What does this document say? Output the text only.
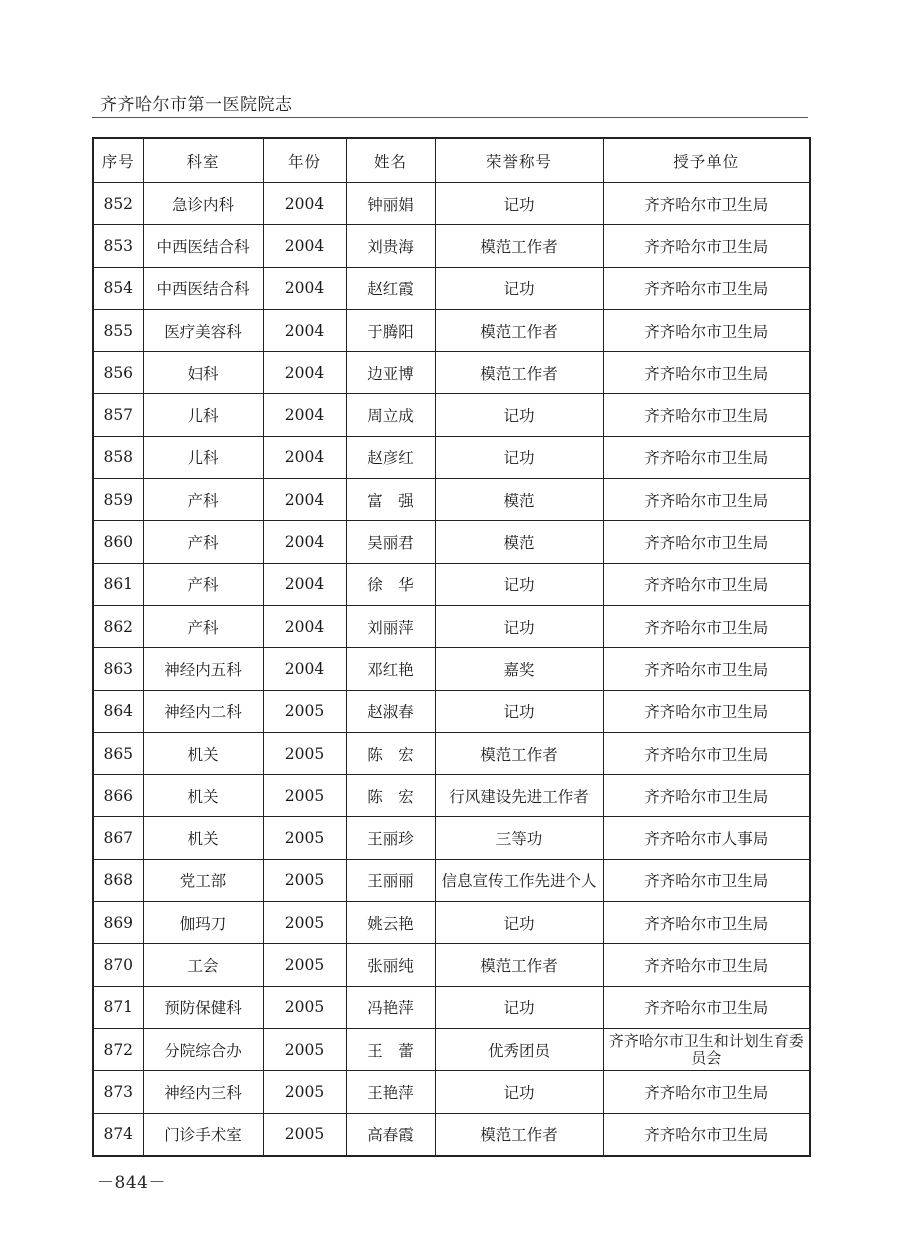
齐齐哈尔市第一医院院志
序号	科室	年份	姓名	荣誉称号	授予单位
852	急诊内科	2004	钟丽娟	记功	齐齐哈尔市卫生局
853	中西医结合科	2004	刘贵海	模范工作者	齐齐哈尔市卫生局
854	中西医结合科	2004	赵红霞	记功	齐齐哈尔市卫生局
855	医疗美容科	2004	于腾阳	模范工作者	齐齐哈尔市卫生局
856	妇科	2004	边亚博	模范工作者	齐齐哈尔市卫生局
857	儿科	2004	周立成	记功	齐齐哈尔市卫生局
858	儿科	2004	赵彦红	记功	齐齐哈尔市卫生局
859	产科	2004	富　强	模范	齐齐哈尔市卫生局
860	产科	2004	吴丽君	模范	齐齐哈尔市卫生局
861	产科	2004	徐　华	记功	齐齐哈尔市卫生局
862	产科	2004	刘丽萍	记功	齐齐哈尔市卫生局
863	神经内五科	2004	邓红艳	嘉奖	齐齐哈尔市卫生局
864	神经内二科	2005	赵淑春	记功	齐齐哈尔市卫生局
865	机关	2005	陈　宏	模范工作者	齐齐哈尔市卫生局
866	机关	2005	陈　宏	行风建设先进工作者	齐齐哈尔市卫生局
867	机关	2005	王丽珍	三等功	齐齐哈尔市人事局
868	党工部	2005	王丽丽	信息宣传工作先进个人	齐齐哈尔市卫生局
869	伽玛刀	2005	姚云艳	记功	齐齐哈尔市卫生局
870	工会	2005	张丽纯	模范工作者	齐齐哈尔市卫生局
871	预防保健科	2005	冯艳萍	记功	齐齐哈尔市卫生局
872	分院综合办	2005	王　蕾	优秀团员	齐齐哈尔市卫生和计划生育委员会
873	神经内三科	2005	王艳萍	记功	齐齐哈尔市卫生局
874	门诊手术室	2005	高春霞	模范工作者	齐齐哈尔市卫生局
－844－
